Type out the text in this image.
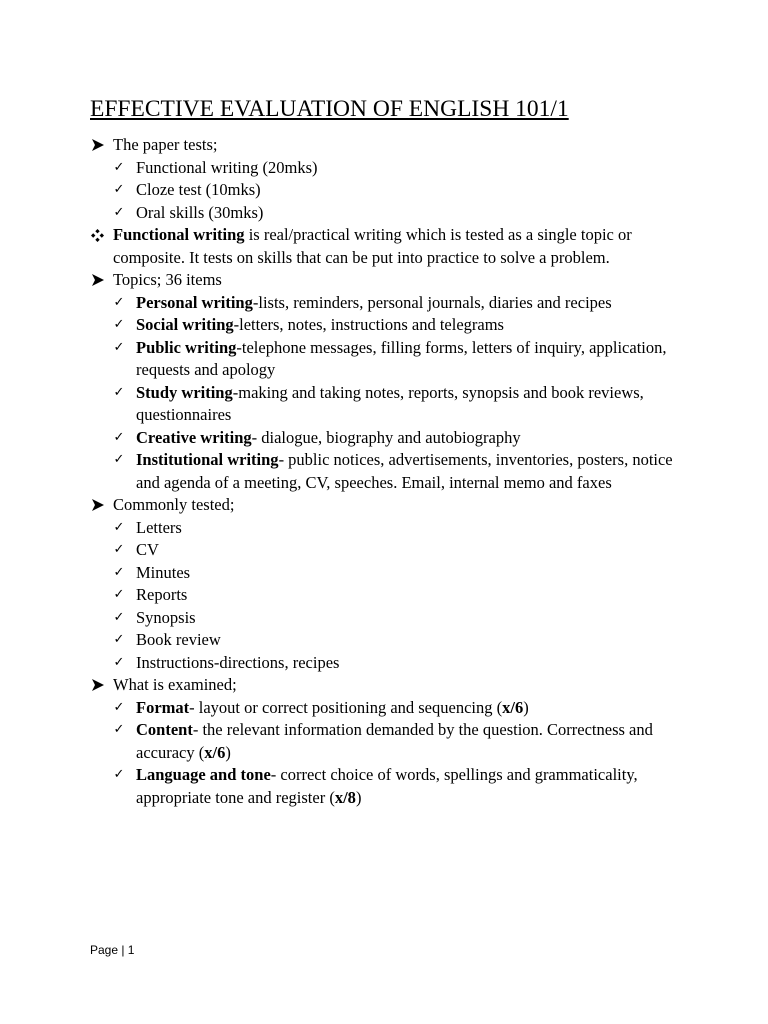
EFFECTIVE EVALUATION OF ENGLISH 101/1
The paper tests;
✓ Functional writing (20mks)
✓ Cloze test (10mks)
✓ Oral skills (30mks)
Functional writing is real/practical writing which is tested as a single topic or composite. It tests on skills that can be put into practice to solve a problem.
Topics; 36 items
✓ Personal writing-lists, reminders, personal journals, diaries and recipes
✓ Social writing-letters, notes, instructions and telegrams
✓ Public writing-telephone messages, filling forms, letters of inquiry, application, requests and apology
✓ Study writing-making and taking notes, reports, synopsis and book reviews, questionnaires
✓ Creative writing- dialogue, biography and autobiography
✓ Institutional writing- public notices, advertisements, inventories, posters, notice and agenda of a meeting, CV, speeches. Email, internal memo and faxes
Commonly tested;
✓ Letters
✓ CV
✓ Minutes
✓ Reports
✓ Synopsis
✓ Book review
✓ Instructions-directions, recipes
What is examined;
✓ Format- layout or correct positioning and sequencing (x/6)
✓ Content- the relevant information demanded by the question. Correctness and accuracy (x/6)
✓ Language and tone- correct choice of words, spellings and grammaticality, appropriate tone and register (x/8)
Page | 1
